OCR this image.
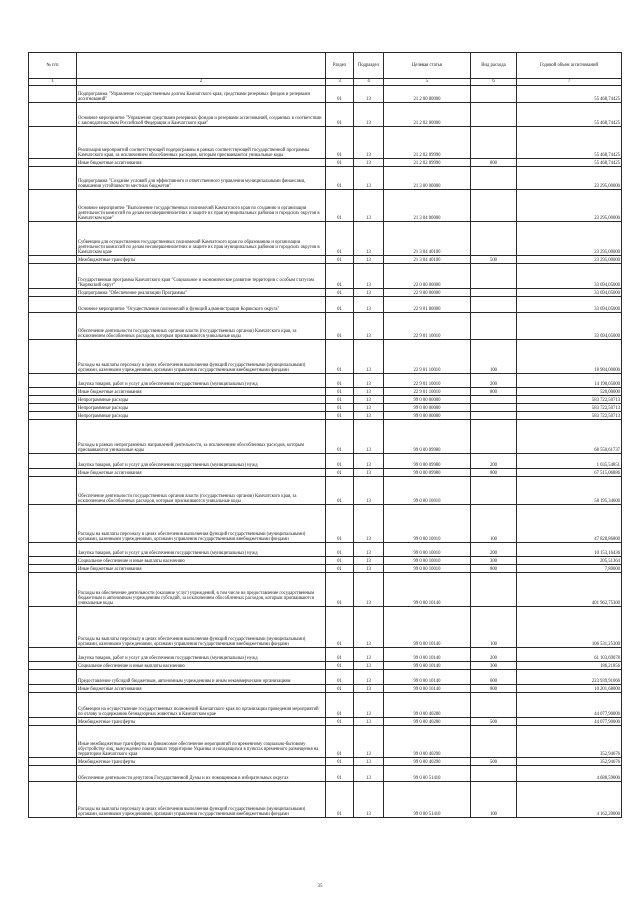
№ п/п		Раздел	Подраздел	Целевая статья	Вид расхода	Годовой объем ассигнований
1	2	3	4	5	6	7
	Подпрограмма "Управление государственным долгом Камчатского края, средствами резервных фондов и резервами ассигнований"	01	13	21 2 00 00000		55 468,74425
	Основное мероприятие "Управление средствами резервных фондов и резервами ассигнований, созданных в соответствии с законодательством Российской Федерации и Камчатского края"	01	13	21 2 02 00000		55 468,74425
	Реализация мероприятий соответствующей подпрограммы в рамках соответствующей государственной программы Камчатского края, за исключением обособленных расходов, которым присваиваются уникальные коды	01	13	21 2 02 09990		55 468,74425
	Иные бюджетные ассигнования	01	13	21 2 02 09990	800	55 468,74425
	Подпрограмма "Создание условий для эффективного и ответственного управления муниципальными финансами, повышения устойчивости местных бюджетов"	01	13	21 3 00 00000		23 295,00000
	Основное мероприятие "Выполнение государственных полномочий Камчатского края по созданию и организации деятельности комиссий по делам несовершеннолетних и защите их прав муниципальных районов и городских округов в Камчатском крае"	01	13	21 3 04 00000		23 295,00000
	Субвенции для осуществления государственных полномочий Камчатского края по образованию и организации деятельности комиссий по делам несовершеннолетних и защите их прав муниципальных районов и городских округов в Камчатском крае	01	13	21 3 04 40100		23 295,00000
	Межбюджетные трансферты	01	13	21 3 04 40100	500	23 295,00000
	Государственная программа Камчатского края "Социальное и экономическое развитие территории с особым статусом "Корякский округ"	01	13	22 0 00 00000		33 694,05000
	Подпрограмма "Обеспечение реализации Программы"	01	13	22 9 00 00000		33 694,05000
	Основное мероприятие "Осуществление полномочий и функций администрации Корякского округа"	01	13	22 9 01 00000		33 694,05000
	Обеспечение деятельности государственных органов власти (государственных органов) Камчатского края, за исключением обособленных расходов, которым присваиваются уникальные коды	01	13	22 9 01 10010		33 694,05000
	Расходы на выплаты персоналу в целях обеспечения выполнения функций государственными (муниципальными) органами, казенными учреждениями, органами управления государственными внебюджетными фондами	01	13	22 9 01 10010	100	18 984,00000
	Закупка товаров, работ и услуг для обеспечения государственных (муниципальных) нужд	01	13	22 9 01 10010	200	14 190,05000
	Иные бюджетные ассигнования	01	13	22 9 01 10010	800	520,00000
	Непрограммные расходы	01	13	99 0 00 00000		583 722,50713
	Непрограммные расходы	01	13	99 0 00 00000		583 722,50713
	Непрограммные расходы	01	13	99 0 00 00000		583 722,50713
	Расходы в рамках непрограммных направлений деятельности, за исключением обособленных расходов, которым присваиваются уникальные коды	01	13	99 0 00 09980		68 550,61737
	Закупка товаров, работ и услуг для обеспечения государственных (муниципальных) нужд	01	13	99 0 00 09980	200	1 035,54851
	Иные бюджетные ассигнования	01	13	99 0 00 09980	800	67 515,06886
	Обеспечение деятельности государственных органов власти (государственных органов) Камчатского края, за исключением обособленных расходов, которым присваиваются уникальные коды	01	13	99 0 00 10010		58 195,34600
	Расходы на выплаты персоналу в целях обеспечения выполнения функций государственными (муниципальными) органами, казенными учреждениями, органами управления государственными внебюджетными фондами	01	13	99 0 00 10010	100	47 828,86800
	Закупка товаров, работ и услуг для обеспечения государственных (муниципальных) нужд	01	13	99 0 00 10010	200	10 153,16436
	Социальное обеспечение и иные выплаты населению	01	13	99 0 00 10010	300	205,51364
	Иные бюджетные ассигнования	01	13	99 0 00 10010	800	7,80000
	Расходы на обеспечение деятельности (оказание услуг) учреждений, в том числе на предоставление государственным бюджетным и автономным учреждениям субсидий, за исключением обособленных расходов, которым присваиваются уникальные коды	01	13	99 0 00 10140		401 962,75300
	Расходы на выплаты персоналу в целях обеспечения выполнения функций государственными (муниципальными) органами, казенными учреждениями, органами управления государственными внебюджетными фондами	01	13	99 0 00 10140	100	106 531,25300
	Закупка товаров, работ и услуг для обеспечения государственных (муниципальных) нужд	01	13	99 0 00 10140	200	61 103,69078
	Социальное обеспечение и иные выплаты населению	01	13	99 0 00 10140	300	186,21856
	Предоставление субсидий бюджетным, автономным учреждениям и иным некоммерческим организациям	01	13	99 0 00 10140	600	223 939,91066
	Иные бюджетные ассигнования	01	13	99 0 00 10140	800	10 201,68000
	Субвенции на осуществление государственных полномочий Камчатского края по организации проведения мероприятий по отлову и содержанию безнадзорных животных в Камчатском крае	01	13	99 0 00 40280		44 077,90000
	Межбюджетные трансферты	01	13	99 0 00 40280	500	44 077,90000
	Иные межбюджетные трансферты на финансовое обеспечение мероприятий по временному социально-бытовому обустройству лиц, вынужденно покинувших территорию Украины и находящихся в пунктах временного размещения на территории Камчатского края	01	13	99 0 00 40290		352,94676
	Межбюджетные трансферты	01	13	99 0 00 40290	500	352,94676
	Обеспечение деятельности депутатов Государственной Думы и их помощников в избирательных округах	01	13	99 0 00 51410		4 688,59000
	Расходы на выплаты персоналу в целях обеспечения выполнения функций государственными (муниципальными) органами, казенными учреждениями, органами управления государственными внебюджетными фондами	01	13	99 0 00 51410	100	4 162,20000
35
